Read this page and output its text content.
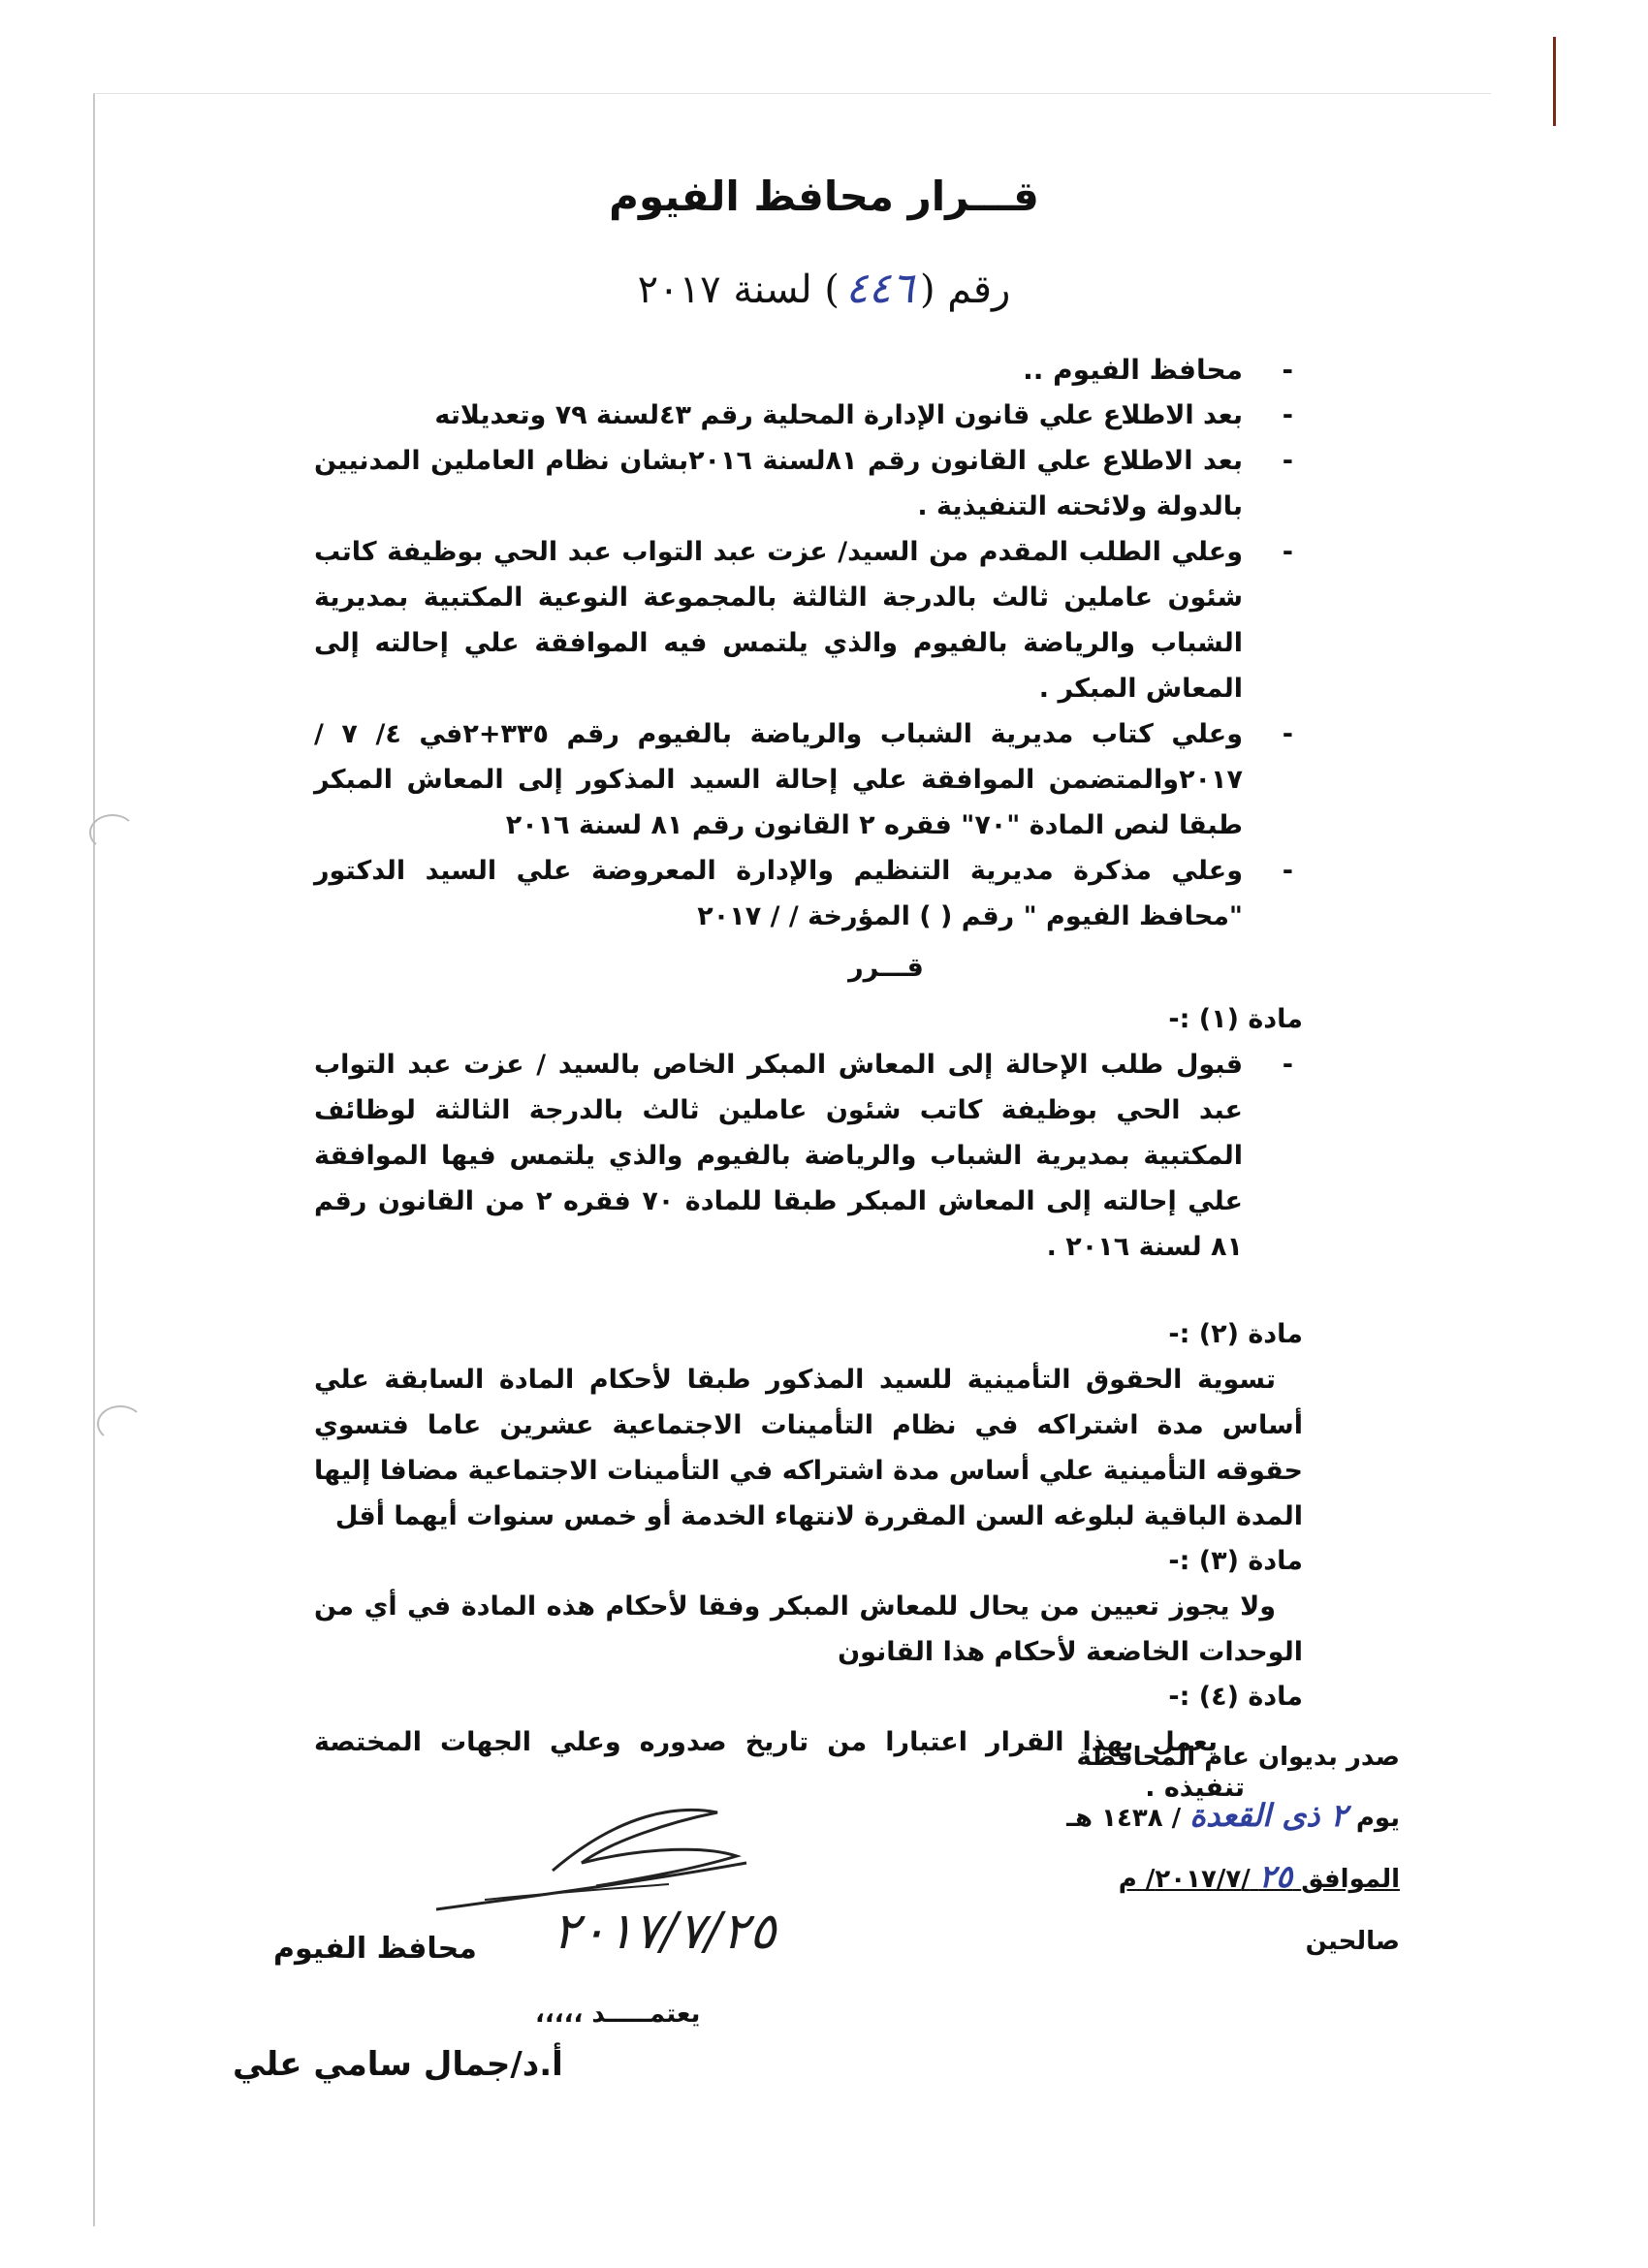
قـــرار محافظ الفيوم
رقم (٤٤٦) لسنة ٢٠١٧
-
محافظ الفيوم ..
-
بعد الاطلاع علي قانون الإدارة المحلية رقم ٤٣لسنة ٧٩ وتعديلاته
-
بعد الاطلاع علي القانون رقم ٨١لسنة ٢٠١٦بشان نظام العاملين المدنيين بالدولة ولائحته التنفيذية .
-
وعلي الطلب المقدم من السيد/ عزت عبد التواب عبد الحي بوظيفة كاتب شئون عاملين ثالث بالدرجة الثالثة بالمجموعة النوعية المكتبية بمديرية الشباب والرياضة بالفيوم والذي يلتمس فيه الموافقة علي إحالته إلى المعاش المبكر .
-
وعلي كتاب مديرية الشباب والرياضة بالفيوم رقم ٣٣٥+٢في ٤/ ٧ /٢٠١٧والمتضمن الموافقة علي إحالة السيد المذكور إلى المعاش المبكر طبقا لنص المادة "٧٠" فقره ٢ القانون رقم ٨١ لسنة ٢٠١٦
-
وعلي مذكرة مديرية التنظيم والإدارة المعروضة علي السيد الدكتور "محافظ الفيوم " رقم ( ) المؤرخة / / ٢٠١٧
قـــرر
مادة (١) :-
-
قبول طلب الإحالة إلى المعاش المبكر الخاص بالسيد / عزت عبد التواب عبد الحي بوظيفة كاتب شئون عاملين ثالث بالدرجة الثالثة لوظائف المكتبية بمديرية الشباب والرياضة بالفيوم والذي يلتمس فيها الموافقة علي إحالته إلى المعاش المبكر طبقا للمادة ٧٠ فقره ٢ من القانون رقم ٨١ لسنة ٢٠١٦ .
مادة (٢) :-
تسوية الحقوق التأمينية للسيد المذكور طبقا لأحكام المادة السابقة علي أساس مدة اشتراكه في نظام التأمينات الاجتماعية عشرين عاما فتسوي حقوقه التأمينية علي أساس مدة اشتراكه في التأمينات الاجتماعية مضافا إليها المدة الباقية لبلوغه السن المقررة لانتهاء الخدمة أو خمس سنوات أيهما أقل
مادة (٣) :-
ولا يجوز تعيين من يحال للمعاش المبكر وفقا لأحكام هذه المادة في أي من الوحدات الخاضعة لأحكام هذا القانون
مادة (٤) :-
يعمل بهذا القرار اعتبارا من تاريخ صدوره وعلي الجهات المختصة تنفيذه .
صدر بديوان عام المحافظة
يوم ٢ ذى القعدة / ١٤٣٨ هـ
الموافق ٢٥ /٢٠١٧/٧/ م
صالحين
٢٠١٧/٧/٢٥
محافظ الفيوم
يعتمـــــد ،،،،،
أ.د/جمال سامي علي
